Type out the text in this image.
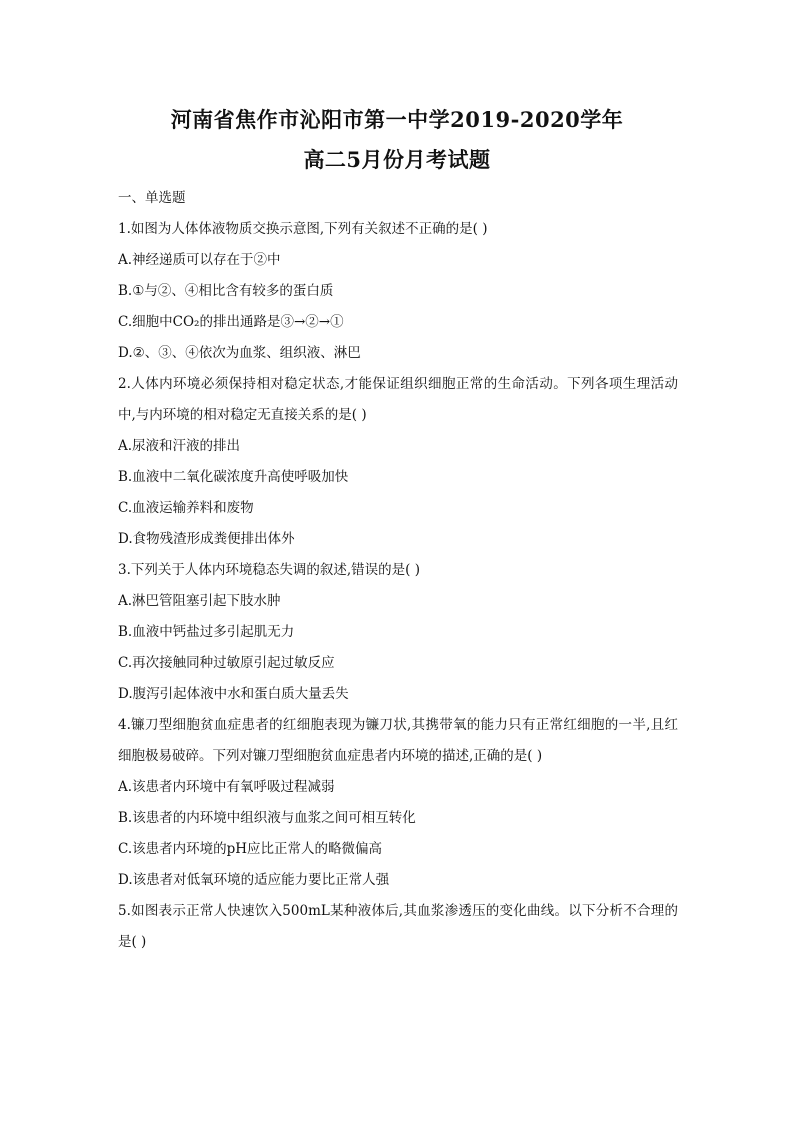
河南省焦作市沁阳市第一中学2019-2020学年
高二5月份月考试题
一、单选题
1.如图为人体体液物质交换示意图,下列有关叙述不正确的是( )
A.神经递质可以存在于②中
B.①与②、④相比含有较多的蛋白质
C.细胞中CO₂的排出通路是③→②→①
D.②、③、④依次为血浆、组织液、淋巴
2.人体内环境必须保持相对稳定状态,才能保证组织细胞正常的生命活动。下列各项生理活动中,与内环境的相对稳定无直接关系的是( )
A.尿液和汗液的排出
B.血液中二氧化碳浓度升高使呼吸加快
C.血液运输养料和废物
D.食物残渣形成粪便排出体外
3.下列关于人体内环境稳态失调的叙述,错误的是( )
A.淋巴管阻塞引起下肢水肿
B.血液中钙盐过多引起肌无力
C.再次接触同种过敏原引起过敏反应
D.腹泻引起体液中水和蛋白质大量丢失
4.镰刀型细胞贫血症患者的红细胞表现为镰刀状,其携带氧的能力只有正常红细胞的一半,且红细胞极易破碎。下列对镰刀型细胞贫血症患者内环境的描述,正确的是( )
A.该患者内环境中有氧呼吸过程减弱
B.该患者的内环境中组织液与血浆之间可相互转化
C.该患者内环境的pH应比正常人的略微偏高
D.该患者对低氧环境的适应能力要比正常人强
5.如图表示正常人快速饮入500mL某种液体后,其血浆渗透压的变化曲线。以下分析不合理的是( )
